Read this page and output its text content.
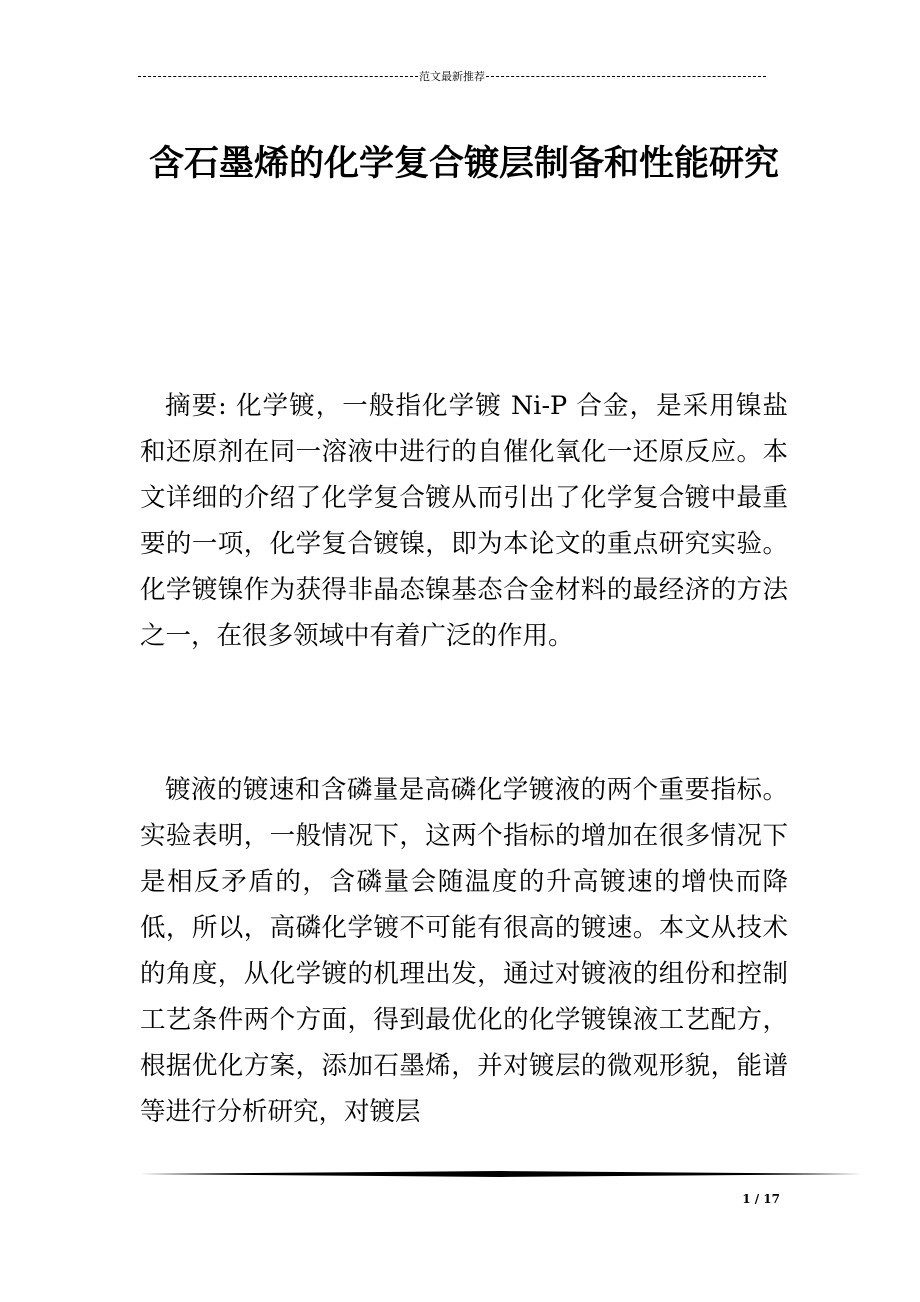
范文最新推荐
含石墨烯的化学复合镀层制备和性能研究

摘要: 化学镀，一般指化学镀 Ni-P 合金，是采用镍盐和还原剂在同一溶液中进行的自催化氧化一还原反应。本文详细的介绍了化学复合镀从而引出了化学复合镀中最重要的一项，化学复合镀镍，即为本论文的重点研究实验。化学镀镍作为获得非晶态镍基态合金材料的最经济的方法之一，在很多领域中有着广泛的作用。

镀液的镀速和含磷量是高磷化学镀液的两个重要指标。实验表明，一般情况下，这两个指标的增加在很多情况下是相反矛盾的，含磷量会随温度的升高镀速的增快而降低，所以，高磷化学镀不可能有很高的镀速。本文从技术的角度，从化学镀的机理出发，通过对镀液的组份和控制工艺条件两个方面，得到最优化的化学镀镍液工艺配方，根据优化方案，添加石墨烯，并对镀层的微观形貌，能谱等进行分析研究，对镀层

1 / 17
